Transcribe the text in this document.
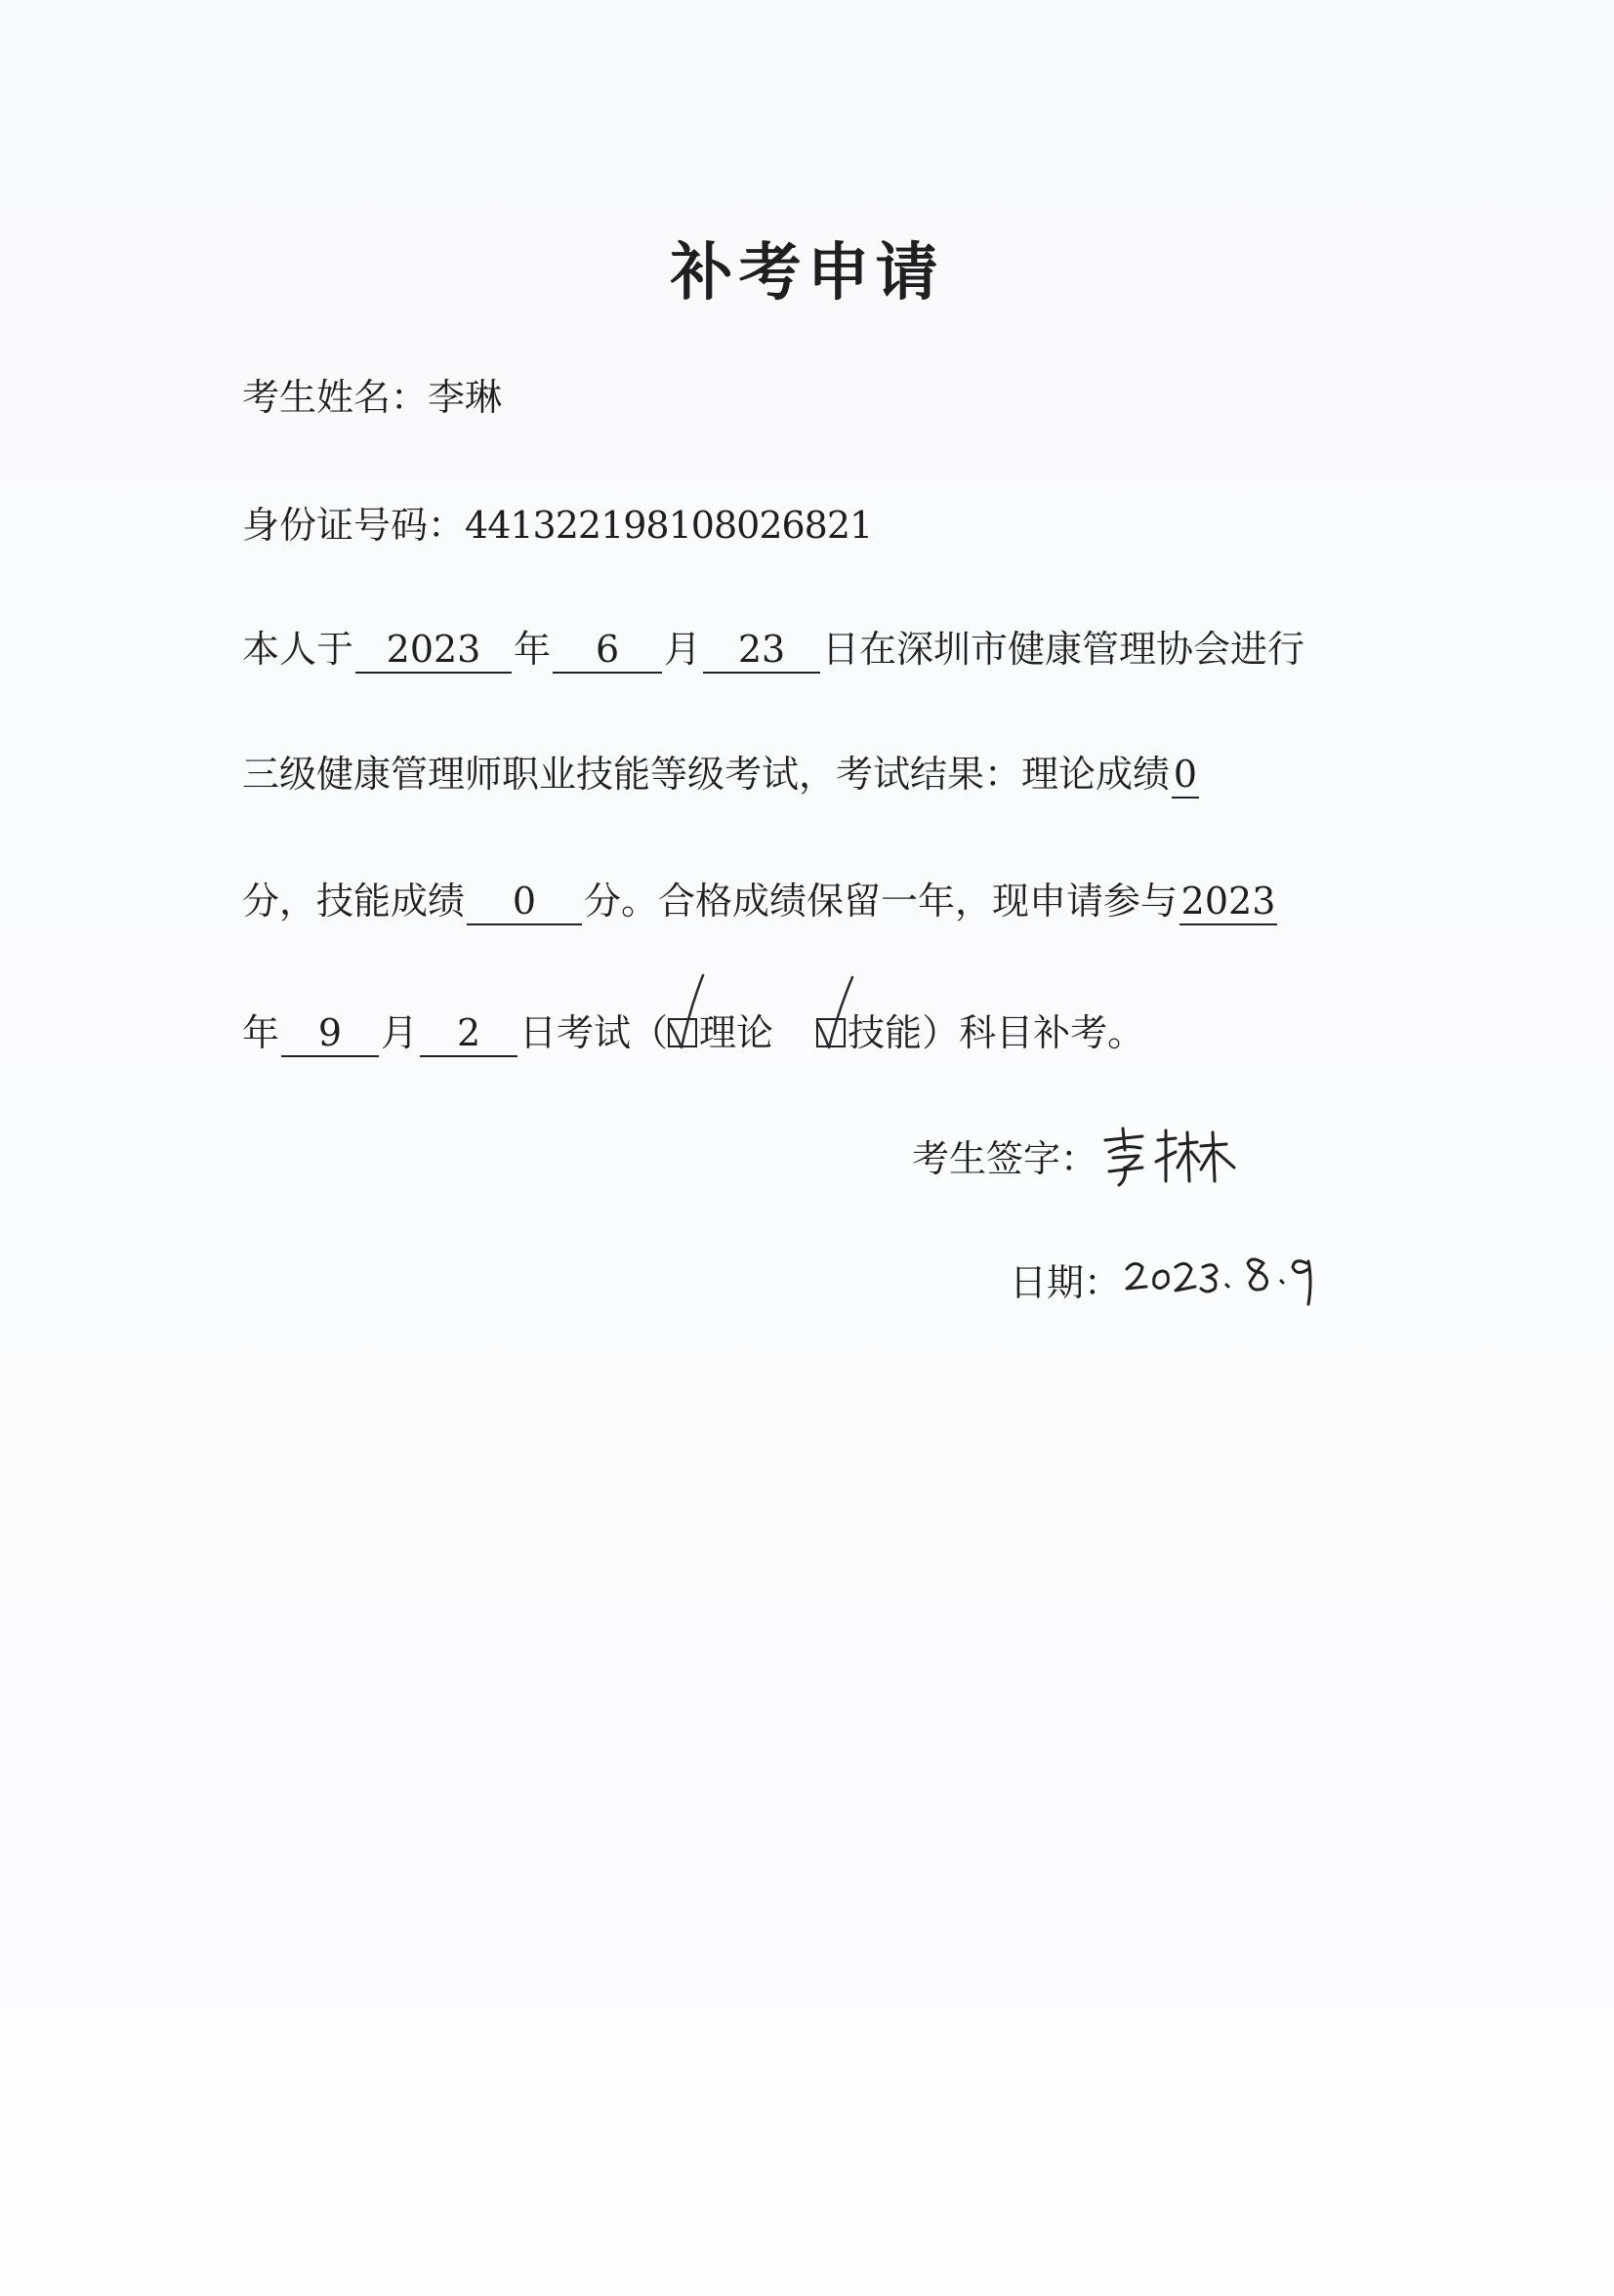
补考申请
考生姓名：李琳
身份证号码：441322198108026821
本人于 2023 年 6 月 23 日在深圳市健康管理协会进行
三级健康管理师职业技能等级考试，考试结果：理论成绩 0
分，技能成绩 0 分。合格成绩保留一年，现申请参与2023
年 9 月 2 日考试（ 理论 技能）科目补考。
考生签字：
日期：
